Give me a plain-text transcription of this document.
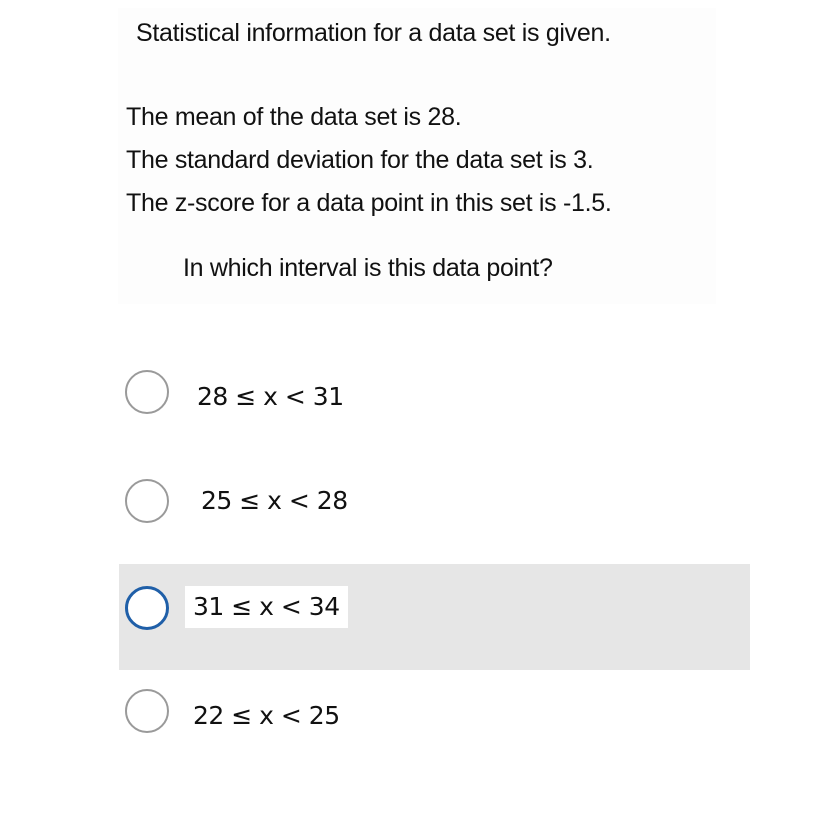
Statistical information for a data set is given.
The mean of the data set is 28.
The standard deviation for the data set is 3.
The z-score for a data point in this set is -1.5.
In which interval is this data point?
28 ≤ x < 31
25 ≤ x < 28
31 ≤ x < 34
22 ≤ x < 25
